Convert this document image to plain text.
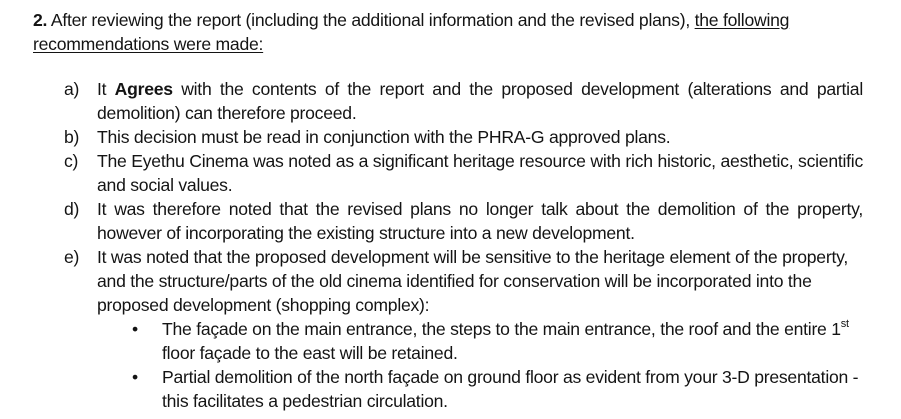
2. After reviewing the report (including the additional information and the revised plans), the following recommendations were made:

a) It Agrees with the contents of the report and the proposed development (alterations and partial demolition) can therefore proceed.
b) This decision must be read in conjunction with the PHRA-G approved plans.
c) The Eyethu Cinema was noted as a significant heritage resource with rich historic, aesthetic, scientific and social values.
d) It was therefore noted that the revised plans no longer talk about the demolition of the property, however of incorporating the existing structure into a new development.
e) It was noted that the proposed development will be sensitive to the heritage element of the property, and the structure/parts of the old cinema identified for conservation will be incorporated into the proposed development (shopping complex):
• The façade on the main entrance, the steps to the main entrance, the roof and the entire 1st floor façade to the east will be retained.
• Partial demolition of the north façade on ground floor as evident from your 3-D presentation - this facilitates a pedestrian circulation.
